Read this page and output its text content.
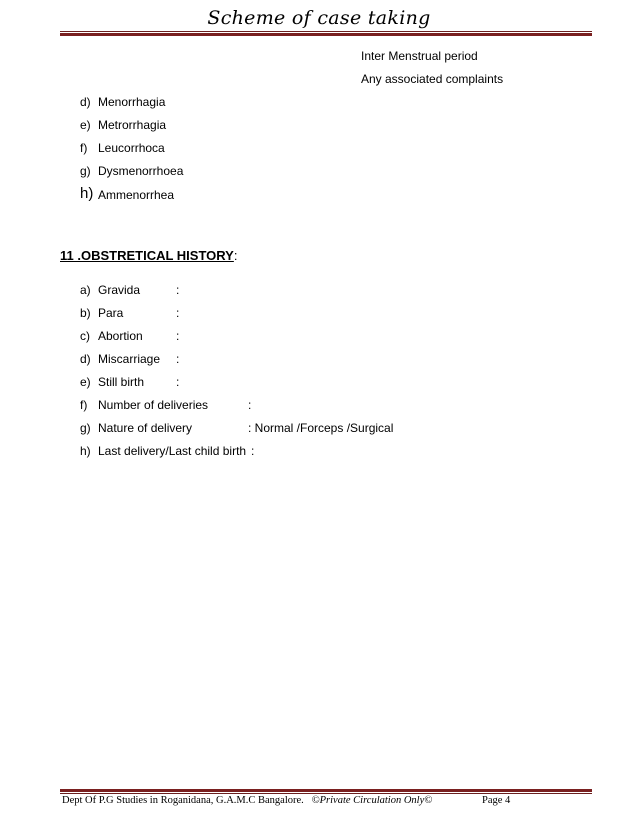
Scheme of case taking
Inter Menstrual period
Any associated complaints
d) Menorrhagia
e) Metrorrhagia
f) Leucorrhoca
g) Dysmenorrhoea
h) Ammenorrhea
11 .OBSTRETICAL HISTORY:
a) Gravida	:
b) Para	:
c) Abortion	:
d) Miscarriage :
e) Still birth	:
f) Number of deliveries	:
g) Nature of delivery	: Normal /Forceps /Surgical
h) Last delivery/Last child birth :
Dept Of P.G Studies in Roganidana, G.A.M.C Bangalore. ©Private Circulation Only©	Page 4
